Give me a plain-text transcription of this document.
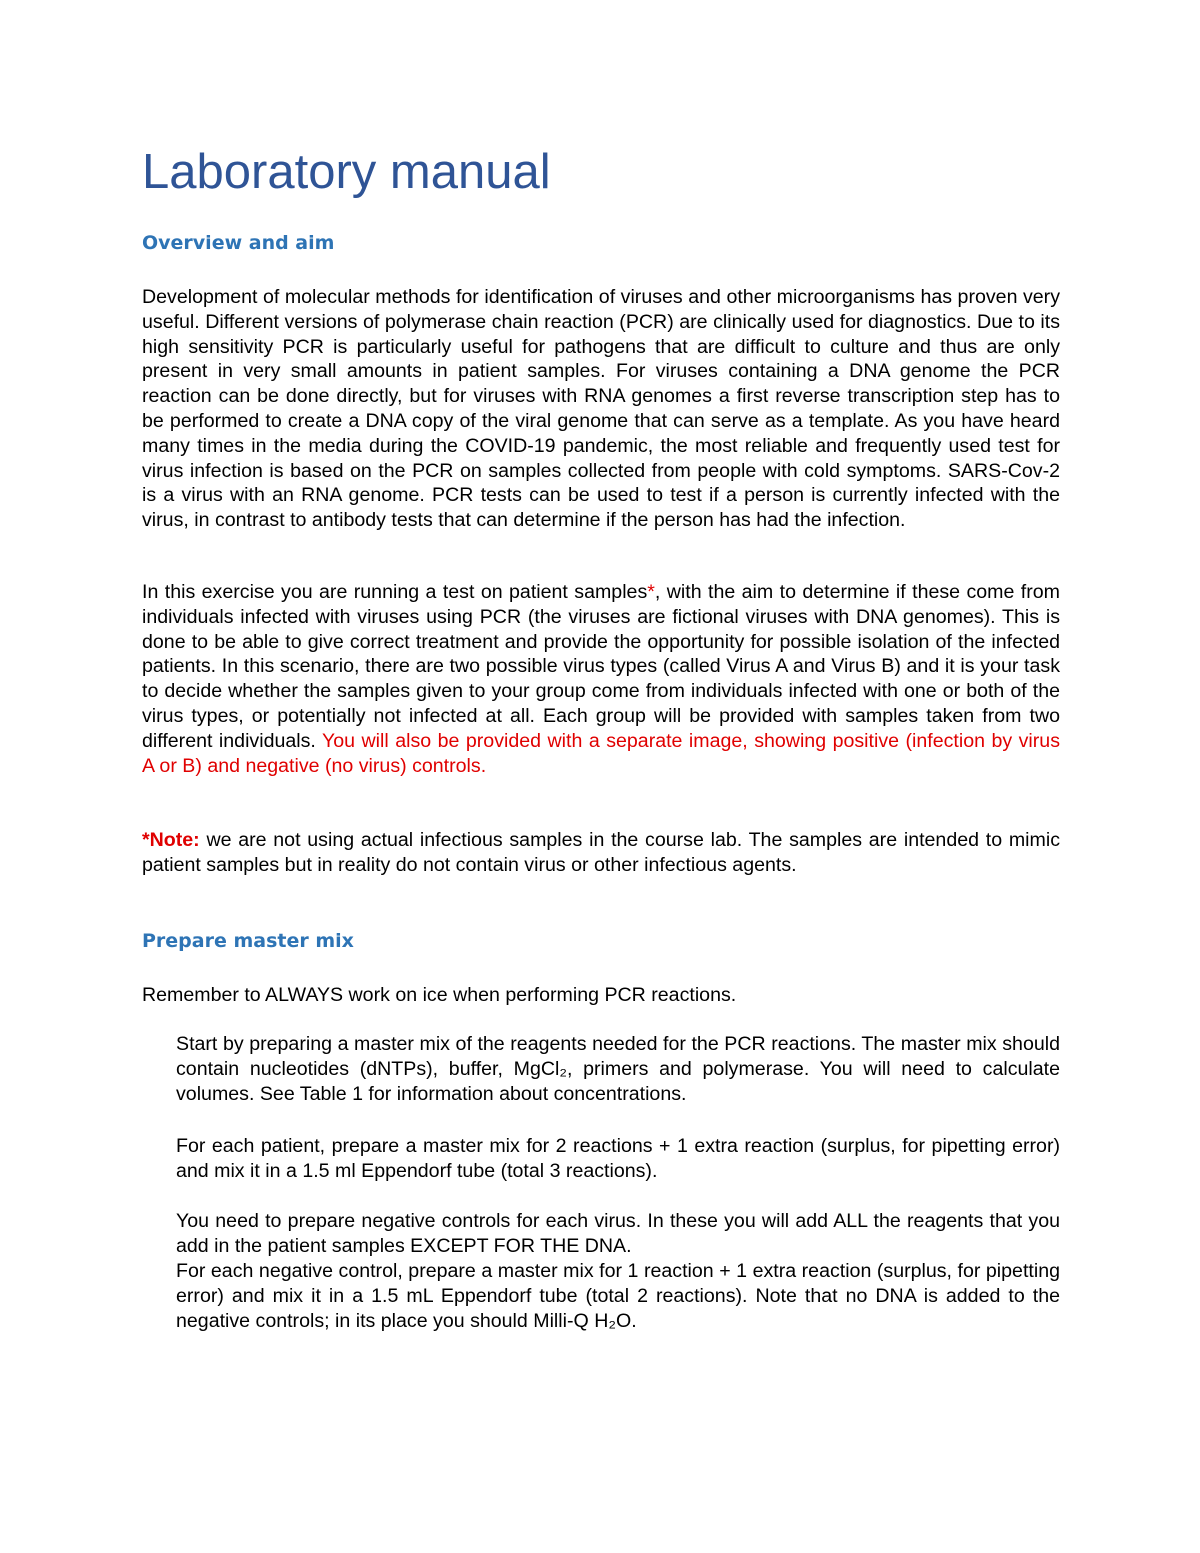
Laboratory manual
Overview and aim

Development of molecular methods for identification of viruses and other microorganisms has proven very useful. Different versions of polymerase chain reaction (PCR) are clinically used for diagnostics. Due to its high sensitivity PCR is particularly useful for pathogens that are difficult to culture and thus are only present in very small amounts in patient samples. For viruses containing a DNA genome the PCR reaction can be done directly, but for viruses with RNA genomes a first reverse transcription step has to be performed to create a DNA copy of the viral genome that can serve as a template. As you have heard many times in the media during the COVID-19 pandemic, the most reliable and frequently used test for virus infection is based on the PCR on samples collected from people with cold symptoms. SARS-Cov-2 is a virus with an RNA genome. PCR tests can be used to test if a person is currently infected with the virus, in contrast to antibody tests that can determine if the person has had the infection.

In this exercise you are running a test on patient samples*, with the aim to determine if these come from individuals infected with viruses using PCR (the viruses are fictional viruses with DNA genomes). This is done to be able to give correct treatment and provide the opportunity for possible isolation of the infected patients. In this scenario, there are two possible virus types (called Virus A and Virus B) and it is your task to decide whether the samples given to your group come from individuals infected with one or both of the virus types, or potentially not infected at all. Each group will be provided with samples taken from two different individuals. You will also be provided with a separate image, showing positive (infection by virus A or B) and negative (no virus) controls.

*Note: we are not using actual infectious samples in the course lab. The samples are intended to mimic patient samples but in reality do not contain virus or other infectious agents.

Prepare master mix

Remember to ALWAYS work on ice when performing PCR reactions.

Start by preparing a master mix of the reagents needed for the PCR reactions. The master mix should contain nucleotides (dNTPs), buffer, MgCl₂, primers and polymerase. You will need to calculate volumes. See Table 1 for information about concentrations.

For each patient, prepare a master mix for 2 reactions + 1 extra reaction (surplus, for pipetting error) and mix it in a 1.5 ml Eppendorf tube (total 3 reactions).

You need to prepare negative controls for each virus. In these you will add ALL the reagents that you add in the patient samples EXCEPT FOR THE DNA.

For each negative control, prepare a master mix for 1 reaction + 1 extra reaction (surplus, for pipetting error) and mix it in a 1.5 mL Eppendorf tube (total 2 reactions). Note that no DNA is added to the negative controls; in its place you should Milli-Q H₂O.
